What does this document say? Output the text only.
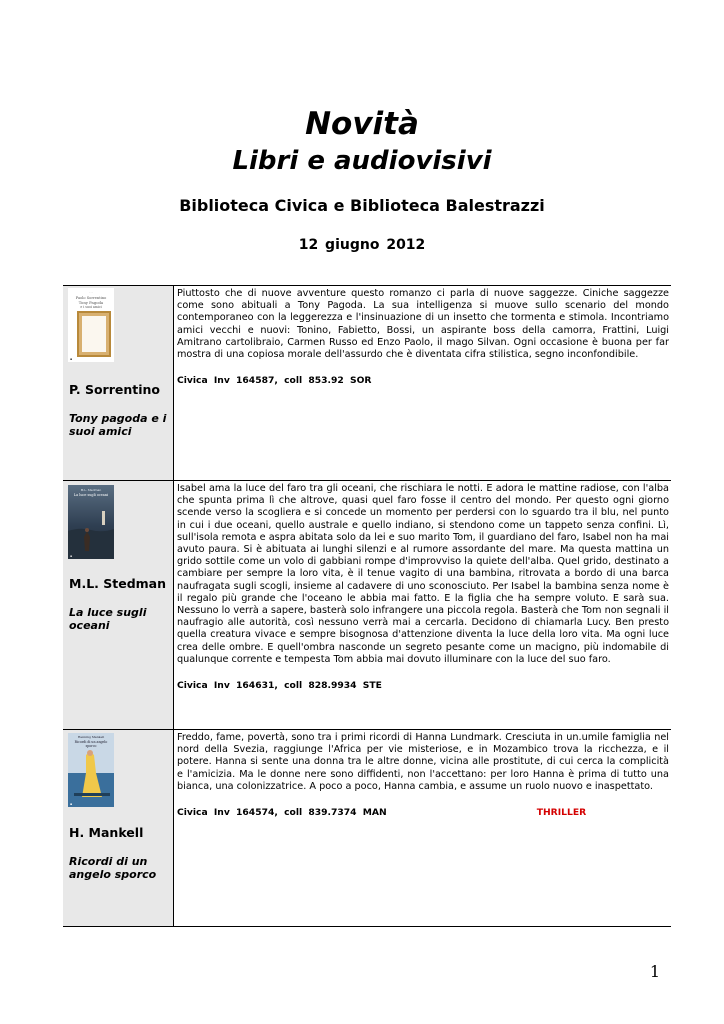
Novità
Libri e audiovisivi
Biblioteca Civica e Biblioteca Balestrazzi
12 giugno 2012
· · ·
Paolo Sorrentino
Tony Pagoda
e i suoi amici
▪
P. Sorrentino
Tony pagoda e i suoi amici
Piuttosto che di nuove avventure questo romanzo ci parla di nuove saggezze. Ciniche saggezze come sono abituali a Tony Pagoda. La sua intelligenza si muove sullo scenario del mondo contemporaneo con la leggerezza e l'insinuazione di un insetto che tormenta e stimola. Incontriamo amici vecchi e nuovi: Tonino, Fabietto, Bossi, un aspirante boss della camorra, Frattini, Luigi Amitrano cartolibraio, Carmen Russo ed Enzo Paolo, il mago Silvan. Ogni occasione è buona per far mostra di una copiosa morale dell'assurdo che è diventata cifra stilistica, segno inconfondibile.
Civica Inv 164587, coll 853.92 SOR
M.L. Stedman
La luce sugli oceani
▪
M.L. Stedman
La luce sugli oceani
Isabel ama la luce del faro tra gli oceani, che rischiara le notti. E adora le mattine radiose, con l'alba che spunta prima lì che altrove, quasi quel faro fosse il centro del mondo. Per questo ogni giorno scende verso la scogliera e si concede un momento per perdersi con lo sguardo tra il blu, nel punto in cui i due oceani, quello australe e quello indiano, si stendono come un tappeto senza confini. Lì, sull'isola remota e aspra abitata solo da lei e suo marito Tom, il guardiano del faro, Isabel non ha mai avuto paura. Si è abituata ai lunghi silenzi e al rumore assordante del mare. Ma questa mattina un grido sottile come un volo di gabbiani rompe d'improvviso la quiete dell'alba. Quel grido, destinato a cambiare per sempre la loro vita, è il tenue vagito di una bambina, ritrovata a bordo di una barca naufragata sugli scogli, insieme al cadavere di uno sconosciuto. Per Isabel la bambina senza nome è il regalo più grande che l'oceano le abbia mai fatto. E la figlia che ha sempre voluto. E sarà sua. Nessuno lo verrà a sapere, basterà solo infrangere una piccola regola. Basterà che Tom non segnali il naufragio alle autorità, così nessuno verrà mai a cercarla. Decidono di chiamarla Lucy. Ben presto quella creatura vivace e sempre bisognosa d'attenzione diventa la luce della loro vita. Ma ogni luce crea delle ombre. E quell'ombra nasconde un segreto pesante come un macigno, più indomabile di qualunque corrente e tempesta Tom abbia mai dovuto illuminare con la luce del suo faro.
Civica Inv 164631, coll 828.9934 STE
Henning Mankell
Ricordi di un angelo
sporco
▪
H. Mankell
Ricordi di un angelo sporco
Freddo, fame, povertà, sono tra i primi ricordi di Hanna Lundmark. Cresciuta in un.umile famiglia nel nord della Svezia, raggiunge l'Africa per vie misteriose, e in Mozambico trova la ricchezza, e il potere. Hanna si sente una donna tra le altre donne, vicina alle prostitute, di cui cerca la complicità e l'amicizia. Ma le donne nere sono diffidenti, non l'accettano: per loro Hanna è prima di tutto una bianca, una colonizzatrice. A poco a poco, Hanna cambia, e assume un ruolo nuovo e inaspettato.
Civica Inv 164574, coll 839.7374 MAN	THRILLER
1
